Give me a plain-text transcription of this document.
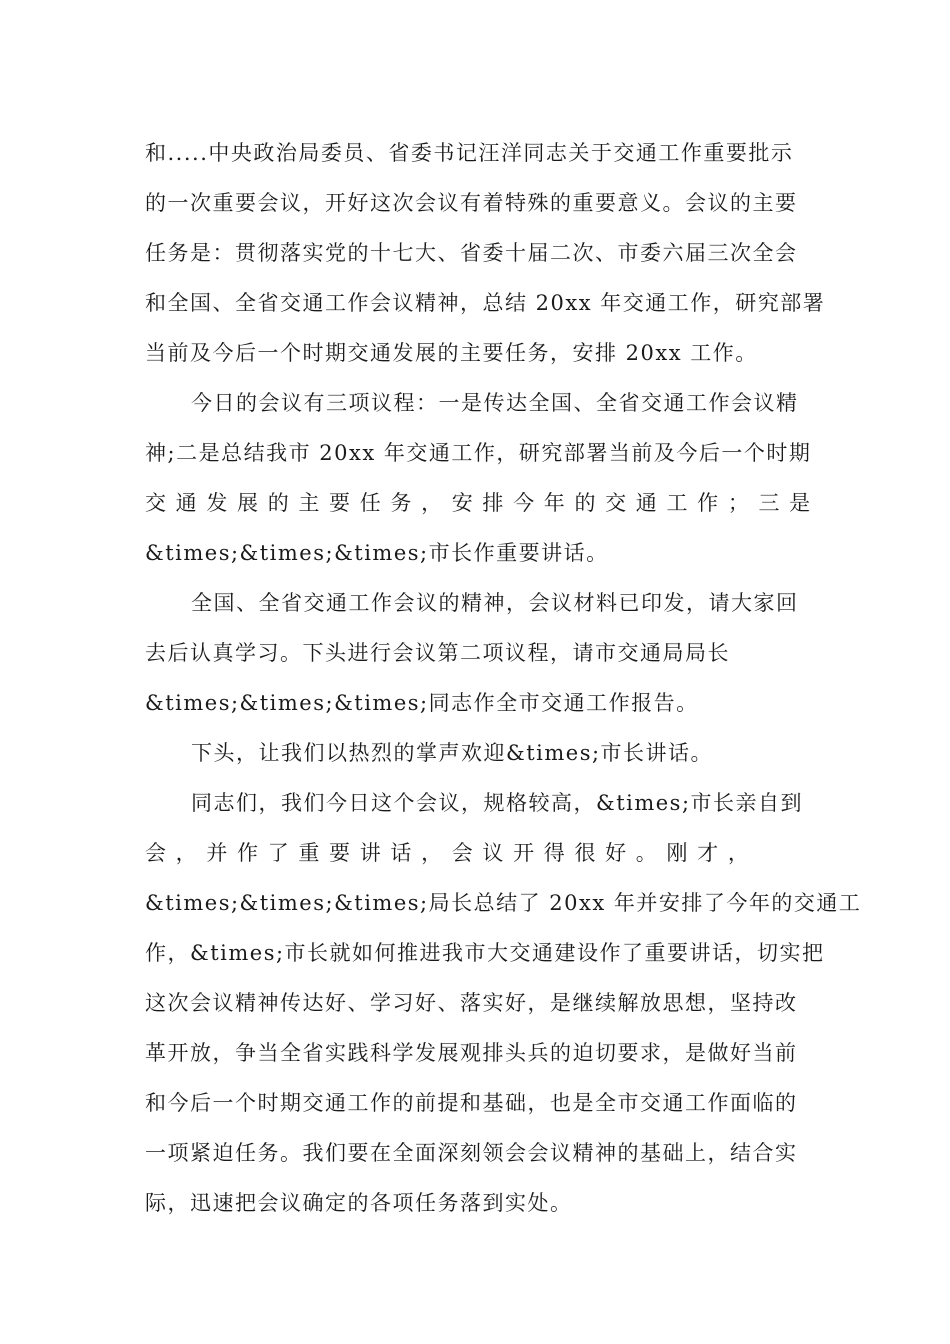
和.....中央政治局委员、省委书记汪洋同志关于交通工作重要批示
的一次重要会议，开好这次会议有着特殊的重要意义。会议的主要
任务是：贯彻落实党的十七大、省委十届二次、市委六届三次全会
和全国、全省交通工作会议精神，总结 20xx 年交通工作，研究部署
当前及今后一个时期交通发展的主要任务，安排 20xx 工作。
今日的会议有三项议程：一是传达全国、全省交通工作会议精
神;二是总结我市 20xx 年交通工作，研究部署当前及今后一个时期
交 通 发 展 的 主 要 任 务 ， 安 排 今 年 的 交 通 工 作 ； 三 是
&times;&times;&times;市长作重要讲话。
全国、全省交通工作会议的精神，会议材料已印发，请大家回
去后认真学习。下头进行会议第二项议程，请市交通局局长
&times;&times;&times;同志作全市交通工作报告。
下头，让我们以热烈的掌声欢迎&times;市长讲话。
同志们，我们今日这个会议，规格较高，&times;市长亲自到
会 ， 并 作 了 重 要 讲 话 ， 会 议 开 得 很 好 。 刚 才 ，
&times;&times;&times;局长总结了 20xx 年并安排了今年的交通工
作，&times;市长就如何推进我市大交通建设作了重要讲话，切实把
这次会议精神传达好、学习好、落实好，是继续解放思想，坚持改
革开放，争当全省实践科学发展观排头兵的迫切要求，是做好当前
和今后一个时期交通工作的前提和基础，也是全市交通工作面临的
一项紧迫任务。我们要在全面深刻领会会议精神的基础上，结合实
际，迅速把会议确定的各项任务落到实处。
